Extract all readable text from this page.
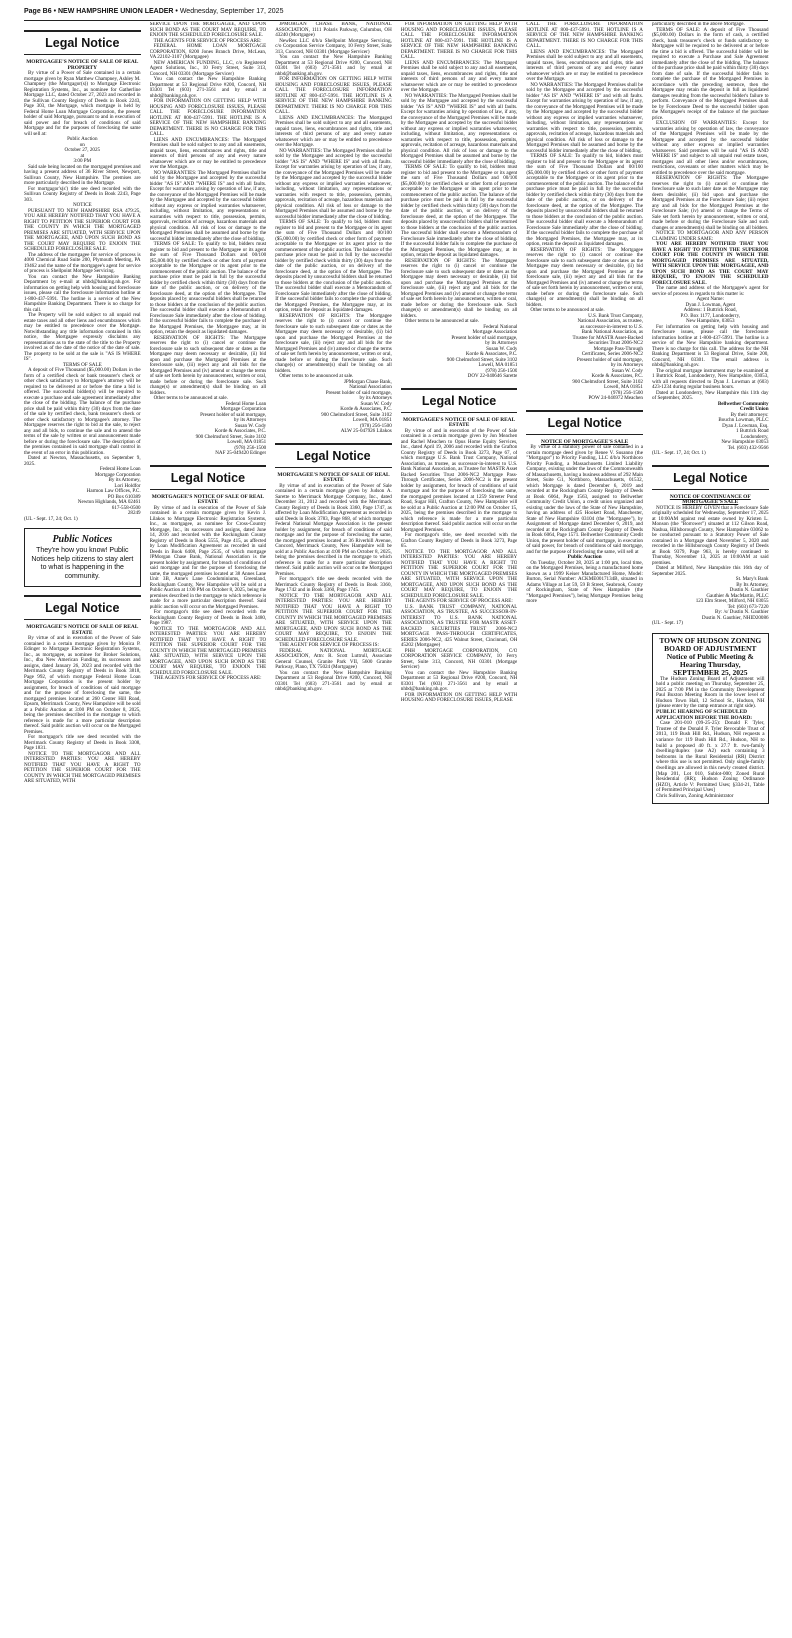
Page B6 • NEW HAMPSHIRE UNION LEADER • Wednesday, September 17, 2025
Legal Notice

MORTGAGEE'S NOTICE OF SALE OF REAL PROPERTY

By virtue of a Power of Sale contained in a certain mortgage given by Ryan Matthew Champney, Ashley M. Champney (the Mortgagor(s)) to Mortgage Electronic Registration Systems, Inc., as nominee for Gatherline Mortgage LLC, dated October 27, 2023 and recorded in the Sullivan County Registry of Deeds in Book 2243, Page 303, the Mortgage, which mortgage is held by Federal Home Loan Mortgage Corporation, the present holder of said Mortgage, pursuant to and in execution of said power and for breach of conditions of said Mortgage and for the purposes of foreclosing the same will sell at:

Public Auction

on

October 27, 2025

at

3:00 PM

Said sale being located on the mortgaged premises and having a present address of 36 River Street, Newport, Sullivan County, New Hampshire. The premises are more particularly described in the Mortgage.

For mortgagor's(s') title see deed recorded with the Sullivan County Registry of Deeds in Book 2243, Page 303.

NOTICE

PURSUANT TO NEW HAMPSHIRE RSA 479:25, YOU ARE HEREBY NOTIFIED THAT YOU HAVE A RIGHT TO PETITION THE SUPERIOR COURT FOR THE COUNTY IN WHICH THE MORTGAGED PREMISES ARE SITUATED, WITH SERVICE UPON THE MORTGAGEE, AND UPON SUCH BOND AS THE COURT MAY REQUIRE TO ENJOIN THE SCHEDULED FORECLOSURE SALE.

The address of the mortgagee for service of process is 4000 Chemical Road Suite 200, Plymouth Meeting, PA 19462 and the name of the mortgagee's agent for service of process is Shellpoint Mortgage Servicing.

You can contact the New Hampshire Banking Department by e-mail at nhbd@banking.nh.gov. For information on getting help with housing and foreclosure issues, please call the foreclosure information hotline at 1-800-437-5991. The hotline is a service of the New Hampshire Banking Department. There is no charge for this call.

The Property will be sold subject to all unpaid real estate taxes and all other liens and encumbrances which may be entitled to precedence over the Mortgage. Notwithstanding any title information contained in this notice, the Mortgagee expressly disclaims any representations as to the state of the title to the Property involved as of the date of the notice of the date of sale. The property to be sold at the sale is "AS IS WHERE IS".

TERMS OF SALE

A deposit of Five Thousand ($5,000.00) Dollars in the form of a certified check or bank treasurer's check or other check satisfactory to Mortgagee's attorney will be required to be delivered at or before the time a bid is offered. The successful bidder(s) will be required to execute a purchase and sale agreement immediately after the close of the bidding. The balance of the purchase price shall be paid within thirty (30) days from the date of the sale by certified check, bank treasurer's check or other check satisfactory to Mortgagee's attorney. The Mortgagee reserves the right to bid at the sale, to reject any and all bids, to continue the sale and to amend the terms of the sale by written or oral announcement made before or during the foreclosure sale. The description of the premises contained in said mortgage shall control in the event of an error in this publication.

Dated at Newton, Massachusetts, on September 9, 2025.

Federal Home Loan
Mortgage Corporation
By its Attorney,
Lori Holdfor
Harmon Law Offices, P.C.
PO Box 610389
Newton Highlands, MA 02461
617-558-0500
28249

(UL - Sept. 17, 24; Oct. 1)

Public Notices
They're how you know! Public Notices help citizens to stay alert to what is happening in the community.
Legal Notice

MORTGAGEE'S NOTICE OF SALE OF REAL ESTATE

By virtue of and in execution of the Power of Sale contained in a certain mortgage given by Monica P. Edinger to Mortgage Electronic Registration Systems, Inc., as mortgagee, as nominee for Broker Solutions, Inc., dba New American Funding, its successors and assigns, dated January 26, 2023 and recorded with the Merrimack County Registry of Deeds in Book 3818, Page 992, of which mortgage Federal Home Loan Mortgage Corporation is the present holder by assignment, for breach of conditions of said mortgage and for the purpose of foreclosing the same, the mortgaged premises located at 260 Center Hill Road, Epsom, Merrimack County, New Hampshire will be sold at a Public Auction at 3:00 PM on October 8, 2025, being the premises described in the mortgage to which reference is made for a more particular description thereof. Said public auction will occur on the Mortgaged Premises.

For mortgagor's title see deed recorded with the Merrimack County Registry of Deeds in Book 3308, Page 1831.

NOTICE TO THE MORTGAGOR AND ALL INTERESTED PARTIES: YOU ARE HEREBY NOTIFIED THAT YOU HAVE A RIGHT TO PETITION THE SUPERIOR COURT FOR THE COUNTY IN WHICH THE MORTGAGED PREMISES ARE SITUATED, WITH

SERVICE UPON THE MORTGAGEE, AND UPON SUCH BOND AS THE COURT MAY REQUIRE, TO ENJOIN THE SCHEDULED FORECLOSURE SALE.

THE AGENTS FOR SERVICE OF PROCESS ARE:

FEDERAL HOME LOAN MORTGAGE CORPORATION, 8200 Jones Branch Drive, McLean, VA 22102-3107 (Mortgagee)

NEW AMERICAN FUNDING, LLC, c/o Registered Agent Solutions, Inc., 10 Ferry Street, Suite 313, Concord, NH 03301 (Mortgage Servicer)

You can contact the New Hampshire Banking Department at 53 Regional Drive #200, Concord, NH 03301 Tel (603) 271-3561 and by email at nhbd@banking.nh.gov.

FOR INFORMATION ON GETTING HELP WITH HOUSING AND FORECLOSURE ISSUES, PLEASE CALL THE FORECLOSURE INFORMATION HOTLINE AT 800-437-5991. THE HOTLINE IS A SERVICE OF THE NEW HAMPSHIRE BANKING DEPARTMENT. THERE IS NO CHARGE FOR THIS CALL.

LIENS AND ENCUMBRANCES: The Mortgaged Premises shall be sold subject to any and all easements, unpaid taxes, liens, encumbrances and rights, title and interests of third persons of any and every nature whatsoever which are or may be entitled to precedence over the Mortgage.

NO WARRANTIES: The Mortgaged Premises shall be sold by the Mortgagee and accepted by the successful bidder "AS IS" AND "WHERE IS" and with all faults. Except for warranties arising by operation of law, if any, the conveyance of the Mortgaged Premises will be made by the Mortgagee and accepted by the successful bidder without any express or implied warranties whatsoever, including, without limitation, any representations or warranties with respect to title, possession, permits, approvals, recitation of acreage, hazardous materials and physical condition. All risk of loss or damage to the Mortgaged Premises shall be assumed and borne by the successful bidder immediately after the close of bidding.

TERMS OF SALE: To qualify to bid, bidders must register to bid and present to the Mortgagee or its agent the sum of Five Thousand Dollars and 00/100 ($5,000.00) by certified check or other form of payment acceptable to the Mortgagee or its agent prior to the commencement of the public auction. The balance of the purchase price must be paid in full by the successful bidder by certified check within thirty (30) days from the date of the public auction, or on delivery of the foreclosure deed, at the option of the Mortgagee. The deposits placed by unsuccessful bidders shall be returned to those bidders at the conclusion of the public auction. The successful bidder shall execute a Memorandum of Foreclosure Sale immediately after the close of bidding. If the successful bidder fails to complete the purchase of the Mortgaged Premises, the Mortgagee may, at its option, retain the deposit as liquidated damages.

RESERVATION OF RIGHTS: The Mortgagee reserves the right to (i) cancel or continue the foreclosure sale to such subsequent date or dates as the Mortgagee may deem necessary or desirable, (ii) bid upon and purchase the Mortgaged Premises at the foreclosure sale, (iii) reject any and all bids for the Mortgaged Premises and (iv) amend or change the terms of sale set forth herein by announcement, written or oral, made before or during the foreclosure sale. Such change(s) or amendment(s) shall be binding on all bidders.

Other terms to be announced at sale.

Federal Home Loan
Mortgage Corporation
Present holder of said mortgage,
by its Attorneys
Susan W. Cody
Korde & Associates, P.C.
900 Chelmsford Street, Suite 3102
Lowell, MA 01851
(978) 256-1500
NAF 25-049420 Edinger
Legal Notice

MORTGAGEE'S NOTICE OF SALE OF REAL ESTATE

By virtue of and in execution of the Power of Sale contained in a certain mortgage given by Kevin J. Lilakos to Mortgage Electronic Registration Systems, Inc., as mortgagee, as nominee for Cross-Country Mortgage, Inc., its successors and assigns, dated June 14, 2016 and recorded with the Rockingham County Registry of Deeds in Book 5555, Page 415, as affected by Loan Modification Agreement as recorded in said Deeds in Book 6408, Page 2535, of which mortgage JPMorgan Chase Bank, National Association is the present holder by assignment, for breach of conditions of said mortgage and for the purpose of foreclosing the same, the mortgaged premises located at 38 Annes Lane Unit 3B, Anne's Lane Condominiums, Greenland, Rockingham County, New Hampshire will be sold at a Public Auction at 1:00 PM on October 8, 2025, being the premises described in the mortgage to which reference is made for a more particular description thereof. Said public auction will occur on the Mortgaged Premises.

For mortgagor's title see deed recorded with the Rockingham County Registry of Deeds in Book 3480, Page 1987.

NOTICE TO THE MORTGAGOR AND ALL INTERESTED PARTIES: YOU ARE HEREBY NOTIFIED THAT YOU HAVE A RIGHT TO PETITION THE SUPERIOR COURT FOR THE COUNTY IN WHICH THE MORTGAGED PREMISES ARE SITUATED, WITH SERVICE UPON THE MORTGAGEE, AND UPON SUCH BOND AS THE COURT MAY REQUIRE, TO ENJOIN THE SCHEDULED FORECLOSURE SALE.

THE AGENTS FOR SERVICE OF PROCESS ARE:

JPMORGAN CHASE BANK, NATIONAL ASSOCIATION, 1111 Polaris Parkway, Columbus, OH 43240 (Mortgagee)

NewRez LLC d/b/a Shellpoint Mortgage Servicing, c/o Corporation Service Company, 10 Ferry Street, Suite 313, Concord, NH 03301 (Mortgage Servicer)

You can contact the New Hampshire Banking Department at 53 Regional Drive #200, Concord, NH 03301 Tel (603) 271-3561 and by email at nhbd@banking.nh.gov.

FOR INFORMATION ON GETTING HELP WITH HOUSING AND FORECLOSURE ISSUES, PLEASE CALL THE FORECLOSURE INFORMATION HOTLINE AT 800-437-5991. THE HOTLINE IS A SERVICE OF THE NEW HAMPSHIRE BANKING DEPARTMENT. THERE IS NO CHARGE FOR THIS CALL.

LIENS AND ENCUMBRANCES: The Mortgaged Premises shall be sold subject to any and all easements, unpaid taxes, liens, encumbrances and rights, title and interests of third persons of any and every nature whatsoever which are or may be entitled to precedence over the Mortgage.

NO WARRANTIES: The Mortgaged Premises shall be sold by the Mortgagee and accepted by the successful bidder "AS IS" AND "WHERE IS" and with all faults. Except for warranties arising by operation of law, if any, the conveyance of the Mortgaged Premises will be made by the Mortgagee and accepted by the successful bidder without any express or implied warranties whatsoever, including, without limitation, any representations or warranties with respect to title, possession, permits, approvals, recitation of acreage, hazardous materials and physical condition. All risk of loss or damage to the Mortgaged Premises shall be assumed and borne by the successful bidder immediately after the close of bidding.

TERMS OF SALE: To qualify to bid, bidders must register to bid and present to the Mortgagee or its agent the sum of Five Thousand Dollars and 00/100 ($5,000.00) by certified check or other form of payment acceptable to the Mortgagee or its agent prior to the commencement of the public auction. The balance of the purchase price must be paid in full by the successful bidder by certified check within thirty (30) days from the date of the public auction, or on delivery of the foreclosure deed, at the option of the Mortgagee. The deposits placed by unsuccessful bidders shall be returned to those bidders at the conclusion of the public auction. The successful bidder shall execute a Memorandum of Foreclosure Sale immediately after the close of bidding. If the successful bidder fails to complete the purchase of the Mortgaged Premises, the Mortgagee may, at its option, retain the deposit as liquidated damages.

RESERVATION OF RIGHTS: The Mortgagee reserves the right to (i) cancel or continue the foreclosure sale to such subsequent date or dates as the Mortgagee may deem necessary or desirable, (ii) bid upon and purchase the Mortgaged Premises at the foreclosure sale, (iii) reject any and all bids for the Mortgaged Premises and (iv) amend or change the terms of sale set forth herein by announcement, written or oral, made before or during the foreclosure sale. Such change(s) or amendment(s) shall be binding on all bidders.

Other terms to be announced at sale.

JPMorgan Chase Bank,
National Association
Present holder of said mortgage,
by its Attorneys
Susan W. Cody
Korde & Associates, P.C.
900 Chelmsford Street, Suite 3102
Lowell, MA 01851
(978) 256-1500
ALW 25-047926 Lilakos
Legal Notice

MORTGAGEE'S NOTICE OF SALE OF REAL ESTATE

By virtue of and in execution of the Power of Sale contained in a certain mortgage given by Judson A. Sarette to Merrimack Mortgage Company, Inc., dated December 31, 2012 and recorded with the Merrimack County Registry of Deeds in Book 3360, Page 1747, as affected by Loan Modification Agreement as recorded in said Deeds in Book 3783, Page 868, of which mortgage Federal National Mortgage Association is the present holder by assignment, for breach of conditions of said mortgage and for the purpose of foreclosing the same, the mortgaged premises located at 36 Riverhill Avenue, Concord, Merrimack County, New Hampshire will be sold at a Public Auction at 4:00 PM on October 8, 2025, being the premises described in the mortgage to which reference is made for a more particular description thereof. Said public auction will occur on the Mortgaged Premises.

For mortgagor's title see deeds recorded with the Merrimack County Registry of Deeds in Book 3360, Page 1742 and in Book 3360, Page 1745.

NOTICE TO THE MORTGAGOR AND ALL INTERESTED PARTIES: YOU ARE HEREBY NOTIFIED THAT YOU HAVE A RIGHT TO PETITION THE SUPERIOR COURT FOR THE COUNTY IN WHICH THE MORTGAGED PREMISES ARE SITUATED, WITH SERVICE UPON THE MORTGAGEE, AND UPON SUCH BOND AS THE COURT MAY REQUIRE, TO ENJOIN THE SCHEDULED FORECLOSURE SALE.

THE AGENT FOR SERVICE OF PROCESS IS:

FEDERAL NATIONAL MORTGAGE ASSOCIATION, Attn: R. Scott Luttrull, Associate General Counsel, Granite Park VII, 5600 Granite Parkway, Plano, TX 75024 (Mortgagee)

You can contact the New Hampshire Banking Department at 53 Regional Drive #200, Concord, NH 03301 Tel (603) 271-3561 and by email at nhbd@banking.nh.gov.

FOR INFORMATION ON GETTING HELP WITH HOUSING AND FORECLOSURE ISSUES, PLEASE CALL THE FORECLOSURE INFORMATION HOTLINE AT 800-437-5991. THE HOTLINE IS A SERVICE OF THE NEW HAMPSHIRE BANKING DEPARTMENT. THERE IS NO CHARGE FOR THIS CALL.

LIENS AND ENCUMBRANCES: The Mortgaged Premises shall be sold subject to any and all easements, unpaid taxes, liens, encumbrances and rights, title and interests of third persons of any and every nature whatsoever which are or may be entitled to precedence over the Mortgage.

NO WARRANTIES: The Mortgaged Premises shall be sold by the Mortgagee and accepted by the successful bidder "AS IS" AND "WHERE IS" and with all faults. Except for warranties arising by operation of law, if any, the conveyance of the Mortgaged Premises will be made by the Mortgagee and accepted by the successful bidder without any express or implied warranties whatsoever, including, without limitation, any representations or warranties with respect to title, possession, permits, approvals, recitation of acreage, hazardous materials and physical condition. All risk of loss or damage to the Mortgaged Premises shall be assumed and borne by the successful bidder immediately after the close of bidding.

TERMS OF SALE: To qualify to bid, bidders must register to bid and present to the Mortgagee or its agent the sum of Five Thousand Dollars and 00/100 ($5,000.00) by certified check or other form of payment acceptable to the Mortgagee or its agent prior to the commencement of the public auction. The balance of the purchase price must be paid in full by the successful bidder by certified check within thirty (30) days from the date of the public auction, or on delivery of the foreclosure deed, at the option of the Mortgagee. The deposits placed by unsuccessful bidders shall be returned to those bidders at the conclusion of the public auction. The successful bidder shall execute a Memorandum of Foreclosure Sale immediately after the close of bidding. If the successful bidder fails to complete the purchase of the Mortgaged Premises, the Mortgagee may, at its option, retain the deposit as liquidated damages.

RESERVATION OF RIGHTS: The Mortgagee reserves the right to (i) cancel or continue the foreclosure sale to such subsequent date or dates as the Mortgagee may deem necessary or desirable, (ii) bid upon and purchase the Mortgaged Premises at the foreclosure sale, (iii) reject any and all bids for the Mortgaged Premises and (iv) amend or change the terms of sale set forth herein by announcement, written or oral, made before or during the foreclosure sale. Such change(s) or amendment(s) shall be binding on all bidders.

Other terms to be announced at sale.

Federal National
Mortgage Association
Present holder of said mortgage,
by its Attorneys
Susan W. Cody
Korde & Associates, P.C.
900 Chelmsford Street, Suite 3102
Lowell, MA 01851
(978) 256-1500
DOV 22-040646 Sarette
Legal Notice

MORTGAGEE'S NOTICE OF SALE OF REAL ESTATE

By virtue of and in execution of the Power of Sale contained in a certain mortgage given by Jon Meachen and Rachel Meachen to Opus Home Equity Services, Inc., dated April 19, 2006 and recorded with the Grafton County Registry of Deeds in Book 3273, Page 67, of which mortgage U.S. Bank Trust Company, National Association, as trustee, as successor-in-interest to U.S. Bank National Association, as Trustee for MASTR Asset Backed Securities Trust 2006-NC2 Mortgage Pass-Through Certificates, Series 2006-NC2 is the present holder by assignment, for breach of conditions of said mortgage and for the purpose of foreclosing the same, the mortgaged premises located at 1259 Streeter Pond Road, Sugar Hill, Grafton County, New Hampshire will be sold at a Public Auction at 12:00 PM on October 15, 2025, being the premises described in the mortgage to which reference is made for a more particular description thereof. Said public auction will occur on the Mortgaged Premises.

For mortgagor's title, see deed recorded with the Grafton County Registry of Deeds in Book 3273, Page 65.

NOTICE TO THE MORTGAGOR AND ALL INTERESTED PARTIES: YOU ARE HEREBY NOTIFIED THAT YOU HAVE A RIGHT TO PETITION THE SUPERIOR COURT FOR THE COUNTY IN WHICH THE MORTGAGED PREMISES ARE SITUATED, WITH SERVICE UPON THE MORTGAGEE, AND UPON SUCH BOND AS THE COURT MAY REQUIRE, TO ENJOIN THE SCHEDULED FORECLOSURE SALE.

THE AGENTS FOR SERVICE OF PROCESS ARE:

U.S. BANK TRUST COMPANY, NATIONAL ASSOCIATION, AS TRUSTEE, AS SUCCESSOR-IN-INTEREST TO U.S. BANK NATIONAL ASSOCIATION, AS TRUSTEE FOR MASTR ASSET-BACKED SECURITIES TRUST 2006-NC2 MORTGAGE PASS-THROUGH CERTIFICATES, SERIES 2006-NC2, 425 Walnut Street, Cincinnati, OH 45202 (Mortgagee)

PHH MORTGAGE CORPORATION, C/O CORPORATION SERVICE COMPANY, 10 Ferry Street, Suite 313, Concord, NH 03301 (Mortgage Servicer)

You can contact the New Hampshire Banking Department at 53 Regional Drive #200, Concord, NH 03301 Tel (603) 271-3561 and by email at nhbd@banking.nh.gov.

FOR INFORMATION ON GETTING HELP WITH HOUSING AND FORECLOSURE ISSUES, PLEASE

CALL THE FORECLOSURE INFORMATION HOTLINE AT 800-437-5991. THE HOTLINE IS A SERVICE OF THE NEW HAMPSHIRE BANKING DEPARTMENT. THERE IS NO CHARGE FOR THIS CALL.

LIENS AND ENCUMBRANCES: The Mortgaged Premises shall be sold subject to any and all easements, unpaid taxes, liens, encumbrances and rights, title and interests of third persons of any and every nature whatsoever which are or may be entitled to precedence over the Mortgage.

NO WARRANTIES: The Mortgaged Premises shall be sold by the Mortgagee and accepted by the successful bidder "AS IS" AND "WHERE IS" and with all faults. Except for warranties arising by operation of law, if any, the conveyance of the Mortgaged Premises will be made by the Mortgagee and accepted by the successful bidder without any express or implied warranties whatsoever, including, without limitation, any representations or warranties with respect to title, possession, permits, approvals, recitation of acreage, hazardous materials and physical condition. All risk of loss or damage to the Mortgaged Premises shall be assumed and borne by the successful bidder immediately after the close of bidding.

TERMS OF SALE: To qualify to bid, bidders must register to bid and present to the Mortgagee or its agent the sum of Five Thousand Dollars and 00/100 ($5,000.00) by certified check or other form of payment acceptable to the Mortgagee or its agent prior to the commencement of the public auction. The balance of the purchase price must be paid in full by the successful bidder by certified check within thirty (30) days from the date of the public auction, or on delivery of the foreclosure deed, at the option of the Mortgagee. The deposits placed by unsuccessful bidders shall be returned to those bidders at the conclusion of the public auction. The successful bidder shall execute a Memorandum of Foreclosure Sale immediately after the close of bidding. If the successful bidder fails to complete the purchase of the Mortgaged Premises, the Mortgagee may, at its option, retain the deposit as liquidated damages.

RESERVATION OF RIGHTS: The Mortgagee reserves the right to (i) cancel or continue the foreclosure sale to such subsequent date or dates as the Mortgagee may deem necessary or desirable, (ii) bid upon and purchase the Mortgaged Premises at the foreclosure sale, (iii) reject any and all bids for the Mortgaged Premises and (iv) amend or change the terms of sale set forth herein by announcement, written or oral, made before or during the foreclosure sale. Such change(s) or amendment(s) shall be binding on all bidders.

Other terms to be announced at sale.

U.S. Bank Trust Company,
National Association, as trustee,
as successor-in-interest to U.S.
Bank National Association, as
Trustee for MASTR Asset-Backed
Securities Trust 2006-NC2
Mortgage Pass-Through
Certificates, Series 2006-NC2
Present holder of said mortgage,
by its Attorneys
Susan W. Cody
Korde & Associates, P.C.
900 Chelmsford Street, Suite 3102
Lowell, MA 01851
(978) 256-1500
POW 24-046972 Meachen
Legal Notice

NOTICE OF MORTGAGEE'S SALE

By virtue of a statutory power of sale contained in a certain mortgage deed given by Renee V. Susanno (the "Mortgagor") to Priority Funding, LLC d/b/a Northboro Priority Funding, a Massachusetts Limited Liability Company, existing under the laws of the Commonwealth of Massachusetts, having a business address of 292 Main Street, Suite G1, Northboro, Massachusetts, 01532, which Mortgage is dated December 6, 2019 and recorded at the Rockingham County Registry of Deeds at Book 6064, Page 1563, assigned to Bellwether Community Credit Union, a credit union organized and existing under the laws of the State of New Hampshire, having an address of 425 Hookett Road, Manchester, State of New Hampshire 03104 (the "Mortgagee"), by Assignment of Mortgage dated December 6, 2019, and recorded at the Rockingham County Registry of Deeds in Book 6064, Page 1571. Bellwether Community Credit Union, the present holder of said mortgage, in execution of said power, for breach of conditions of said mortgage, and for the purpose of foreclosing the same, will sell at

Public Auction

On Tuesday, October 28, 2025 at 1:00 pm, local time, on the Mortgaged Premises, being a manufactured home known as a 1999 Keiser Manufactured Home, Model: Burton, Serial Number: ACKME0017134B, situated in Adams Village at Lot 59, 59 B Street, Seabrook, County of Rockingham, State of New Hampshire (the "Mortgaged Premises"), being Mortgage Premises being more

particularly described in the above Mortgage.

TERMS OF SALE: A deposit of Five Thousand ($5,000.00) Dollars in the form of cash, a certified check, bank treasurer's check or funds satisfactory to Mortgagee will be required to be delivered at or before the time a bid is offered. The successful bidder will be required to execute a Purchase and Sale Agreement immediately after the close of the bidding. The balance of the purchase price shall be paid within thirty (30) days from date of sale. If the successful bidder fails to complete the purchase of the Mortgaged Premises in accordance with the preceding sentence, then the Mortgagee may retain the deposit in full as liquidated damages resulting from the successful bidder's failure to perform. Conveyance of the Mortgaged Premises shall be by Foreclosure Deed to the successful bidder upon the Mortgagee's receipt of the balance of the purchase price.

EXCLUSION OF WARRANTIES: Except for warranties arising by operation of law, the conveyance of the Mortgaged Premises will be made by the Mortgagee and accepted by the successful bidder without any other express or implied warranties whatsoever. Said premises will be sold "AS IS AND WHERE IS" and subject to all unpaid real estate taxes, mortgages and all other liens and/or encumbrances, restrictions, covenants or other matters which may be entitled to precedence over the said mortgage.

RESERVATION OF RIGHTS: The Mortgagee reserves the right to (i) cancel or continue the foreclosure sale to such later date as the Mortgagee may deem desirable; (ii) bid upon and purchase the Mortgaged Premises at the Foreclosure Sale; (iii) reject any and all bids for the Mortgaged Premises at the Foreclosure Sale; (iv) amend or change the Terms of Sale set forth herein by announcement, written or oral, made before or during the Foreclosure Sale and such changes or amendment(s) shall be binding on all bidders.

NOTICE TO MORTGAGOR AND ANY PERSON CLAIMING UNDER SAME:

YOU ARE HEREBY NOTIFIED THAT YOU HAVE A RIGHT TO PETITION THE SUPERIOR COURT FOR THE COUNTY IN WHICH THE MORTGAGED PREMISES ARE SITUATED, WITH SERVICE UPON THE MORTGAGEE, AND UPON SUCH BOND AS THE COURT MAY REQUIRE, TO ENJOIN THE SCHEDULED FORECLOSURE SALE.

The name and address of the Mortgagee's agent for service of process in regards to this matter is:

Agent Name:
Dyan J. Lowman, Agent
Address: 1 Buttrick Road,
P.O. Box 1177, Londonderry,
New Hampshire, 03053

For information on getting help with housing and foreclosure issues, please call the foreclosure information hotline at 1-800-437-5991. The hotline is a service of the New Hampshire banking department. There is no charge for this call. The address for the NH Banking Department is 53 Regional Drive, Suite 200, Concord, NH 03301. The email address is nhbd@banking.nh.gov.

The original mortgage instrument may be examined at 1 Buttrick Road, Londonderry, New Hampshire, 03053, with all requests directed to Dyan J. Lowman at (603) 423-1234 during regular business hours.

Dated at Londonderry, New Hampshire this 11th day of September, 2025.

Bellwether Community
Credit Union
By their attorneys:
Bouchn Lowman, PLLC
Dyan J. Lowman, Esq.
1 Buttrick Road
Londonderry,
New Hampshire 03053
Tel. (603) 432-9566

(UL - Sept. 17, 24; Oct. 1)

Legal Notice

NOTICE OF CONTINUANCE OF MORTGAGEE'S SALE

NOTICE IS HEREBY GIVEN that a Foreclosure Sale originally scheduled for Wednesday, September 17, 2025 at 10:00AM against real estate owned by Kristen L. Monson (the "Borrower") situated at 112 Gilson Road, Nashua, Hillsborough County, New Hampshire 03062 to be conducted pursuant to a Statutory Power of Sale contained in a Mortgage dated November 5, 2020 and recorded in the Hillsborough County Registry of Deeds at Book 9379, Page 963, is hereby continued to Thursday, November 13, 2025 at 10:00AM at said premises.

Dated at Milford, New Hampshire this 16th day of September 2025.

St. Mary's Bank
By Its Attorney,
Dustin N. Gauthier
Gauthier & MacMartin, PLLC
123 Elm Street, Milford, NH 03055
Tel: (603) 673-7220
By: /s/ Dustin N. Gauthier
Dustin N. Gauthier, NHID20086

(UL - Sept. 17)

TOWN OF HUDSON ZONING BOARD OF ADJUSTMENT Notice of Public Meeting & Hearing Thursday, SEPTEMBER 25, 2025

The Hudson Zoning Board of Adjustment will hold a public meeting on Thursday, September 25, 2025 at 7:00 PM in the Community Development Paul Buxton Meeting Room in the lower level of Hudson Town Hall, 12 School St., Hudson, NH (please enter by the ramp entrance at right side).

PUBLIC HEARING OF SCHEDULED APPLICATION BEFORE THE BOARD:

Case 201-010 (09-25-25): Donald F. Tyler, Trustee of the Donald F. Tyler Revocable Trust of 2013, 119 Bush Hill Rd., Hudson, NH requests a variance for 119 Bush Hill Rd., Hudson, NH to build a proposed 40 ft. x 27.7 ft. two-family dwelling/duplex (use A2) each containing 3 bedrooms in the Rural Residential (RR) District where this use is not permitted. Only single-family dwellings are allowed in this newly created district. [Map 201, Lot 010, Sublot-000; Zoned Rural Residential (RR); Hudson Zoning Ordinance (HZO), Article V: Permitted Uses; §334-21, Table of Permitted Principal Uses]

Chris Sullivan, Zoning Administrator
